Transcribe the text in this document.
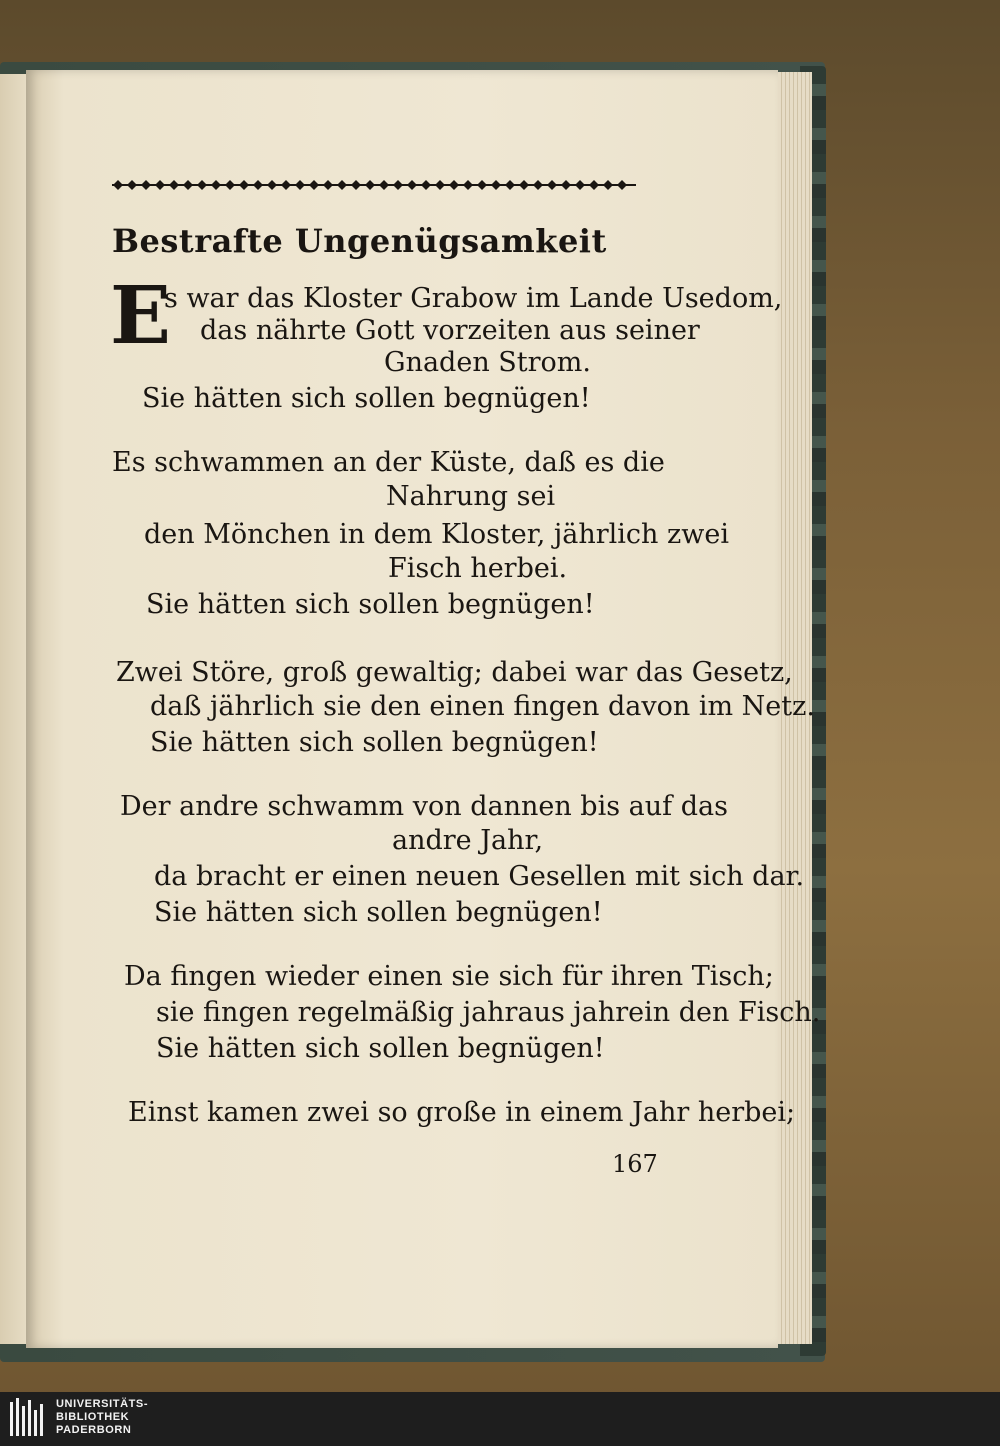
Bestrafte Ungenügsamkeit
E

s war das Kloster Grabow im Lande Usedom,

das nährte Gott vorzeiten aus seiner

Gnaden Strom.

Sie hätten sich sollen begnügen!

Es schwammen an der Küste, daß es die

Nahrung sei

den Mönchen in dem Kloster, jährlich zwei

Fisch herbei.

Sie hätten sich sollen begnügen!

Zwei Störe, groß gewaltig; dabei war das Gesetz,

daß jährlich sie den einen fingen davon im Netz.

Sie hätten sich sollen begnügen!

Der andre schwamm von dannen bis auf das

andre Jahr,

da bracht er einen neuen Gesellen mit sich dar.

Sie hätten sich sollen begnügen!

Da fingen wieder einen sie sich für ihren Tisch;

sie fingen regelmäßig jahraus jahrein den Fisch.

Sie hätten sich sollen begnügen!

Einst kamen zwei so große in einem Jahr herbei;

167

UNIVERSITÄTS-
BIBLIOTHEK
PADERBORN
